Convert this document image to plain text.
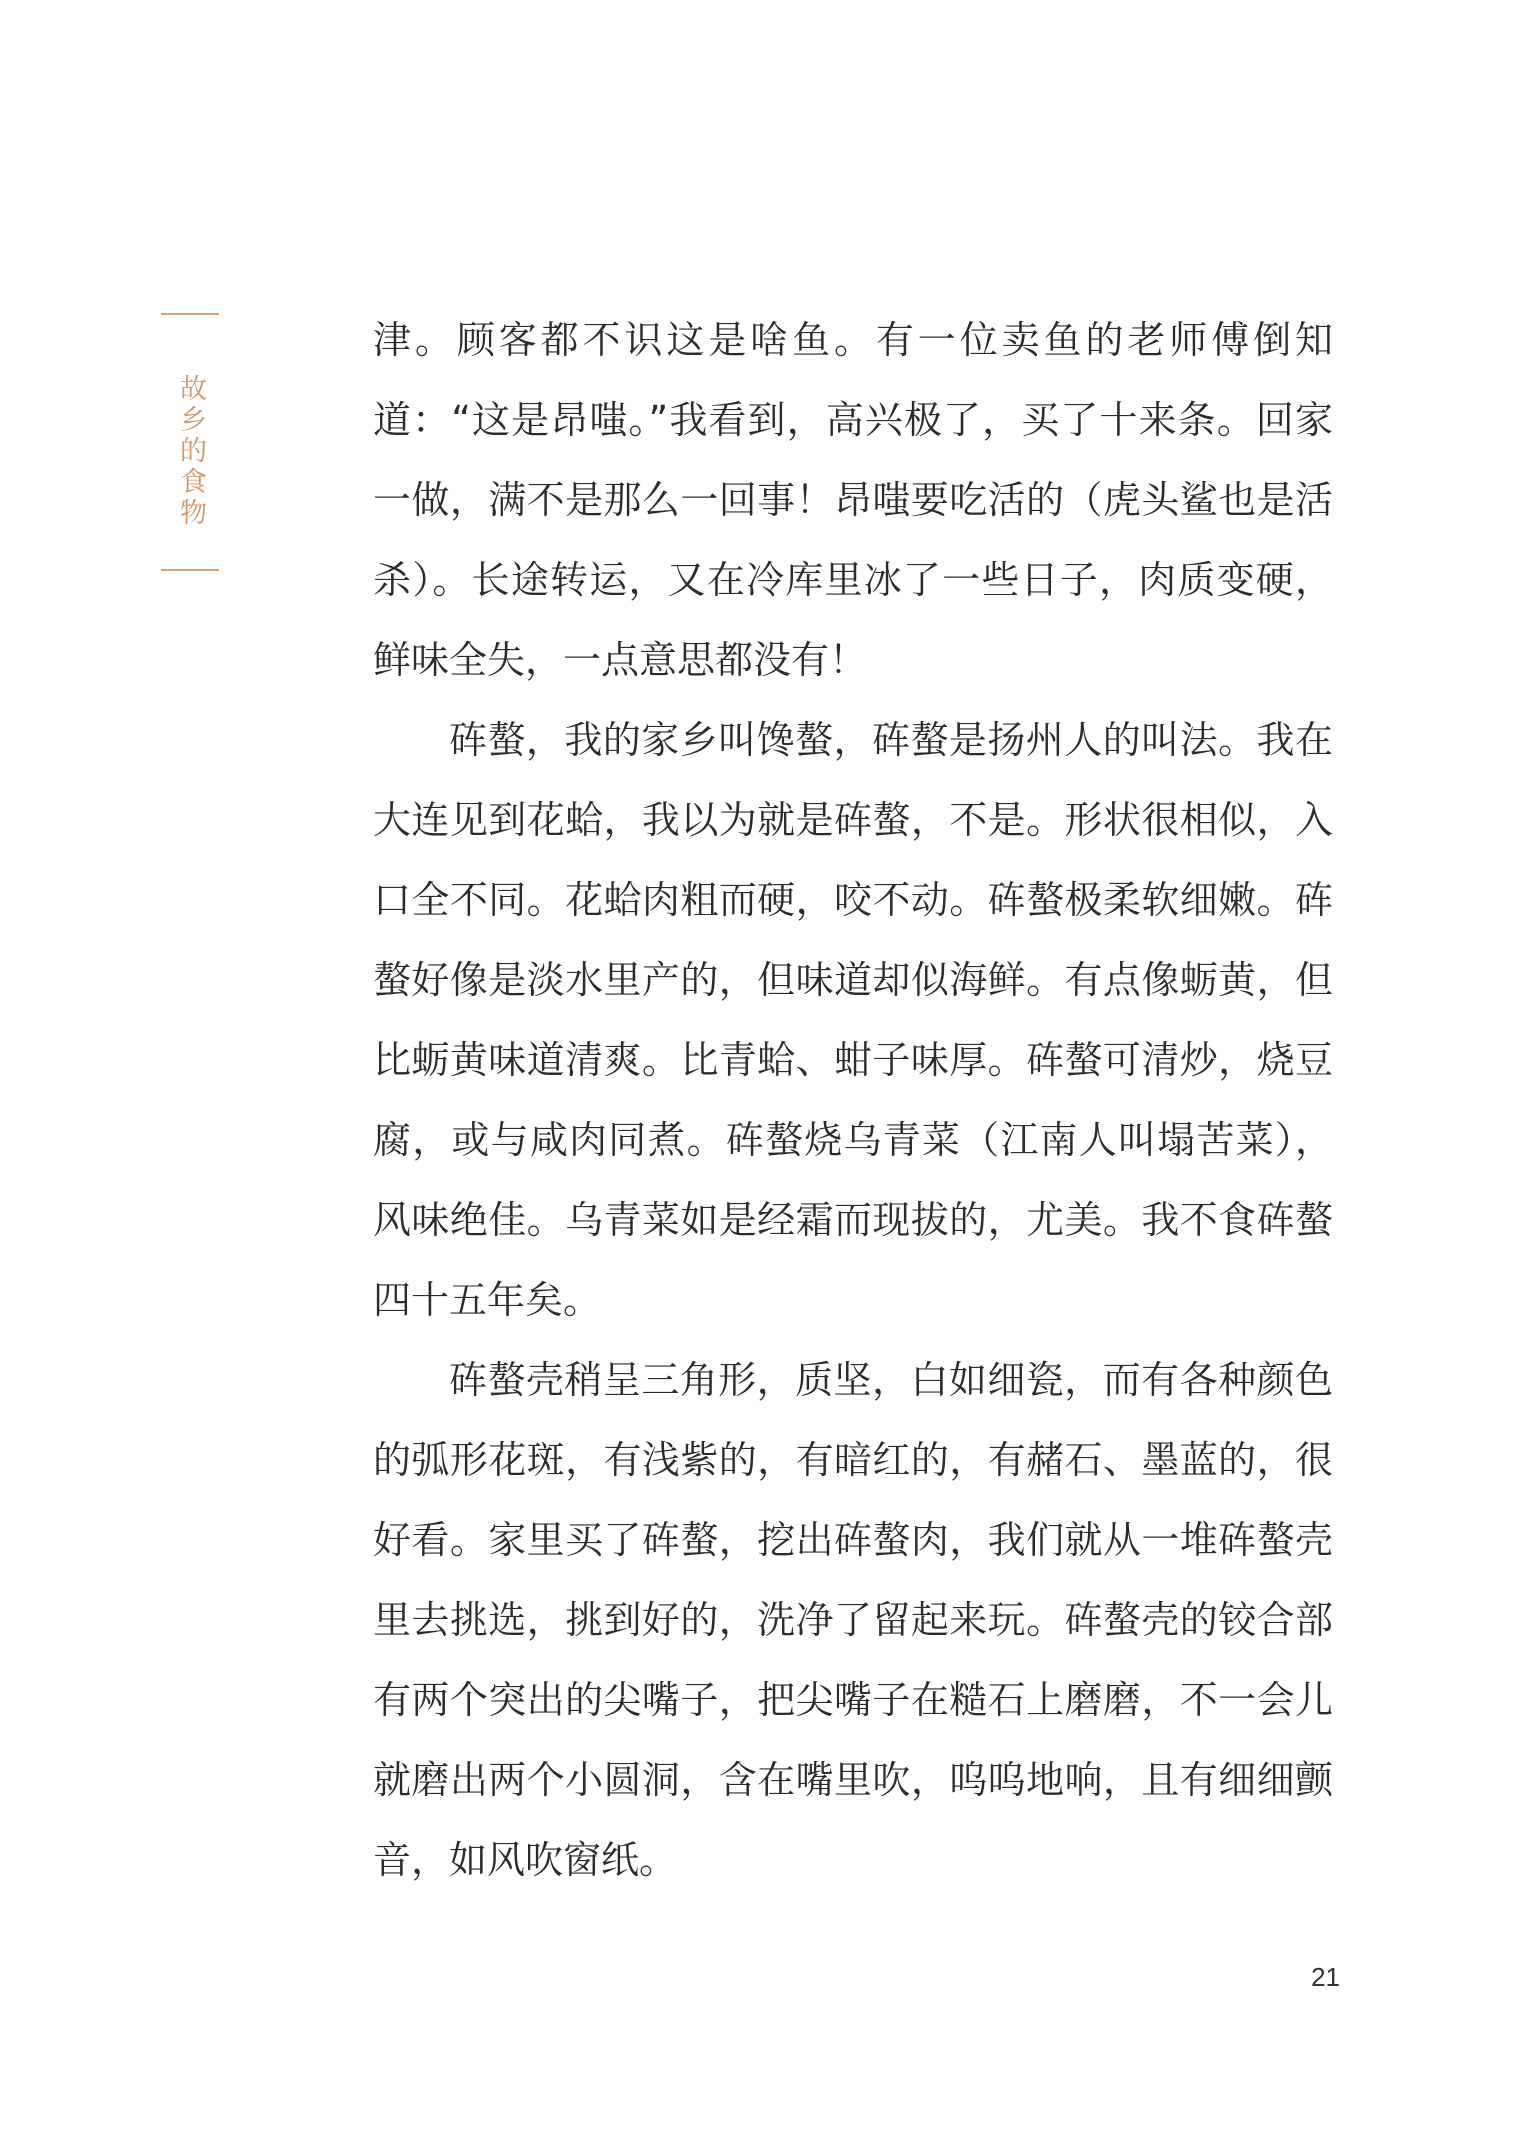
故乡的食物

津。顾客都不识这是啥鱼。有一位卖鱼的老师傅倒知道：“这是昂嗤。”我看到，高兴极了，买了十来条。回家一做，满不是那么一回事！昂嗤要吃活的（虎头鲨也是活杀）。长途转运，又在冷库里冰了一些日子，肉质变硬，鲜味全失，一点意思都没有！

砗螯，我的家乡叫馋螯，砗螯是扬州人的叫法。我在大连见到花蛤，我以为就是砗螯，不是。形状很相似，入口全不同。花蛤肉粗而硬，咬不动。砗螯极柔软细嫩。砗螯好像是淡水里产的，但味道却似海鲜。有点像蛎黄，但比蛎黄味道清爽。比青蛤、蚶子味厚。砗螯可清炒，烧豆腐，或与咸肉同煮。砗螯烧乌青菜（江南人叫塌苦菜），风味绝佳。乌青菜如是经霜而现拔的，尤美。我不食砗螯四十五年矣。

砗螯壳稍呈三角形，质坚，白如细瓷，而有各种颜色的弧形花斑，有浅紫的，有暗红的，有赭石、墨蓝的，很好看。家里买了砗螯，挖出砗螯肉，我们就从一堆砗螯壳里去挑选，挑到好的，洗净了留起来玩。砗螯壳的铰合部有两个突出的尖嘴子，把尖嘴子在糙石上磨磨，不一会儿就磨出两个小圆洞，含在嘴里吹，呜呜地响，且有细细颤音，如风吹窗纸。

21
